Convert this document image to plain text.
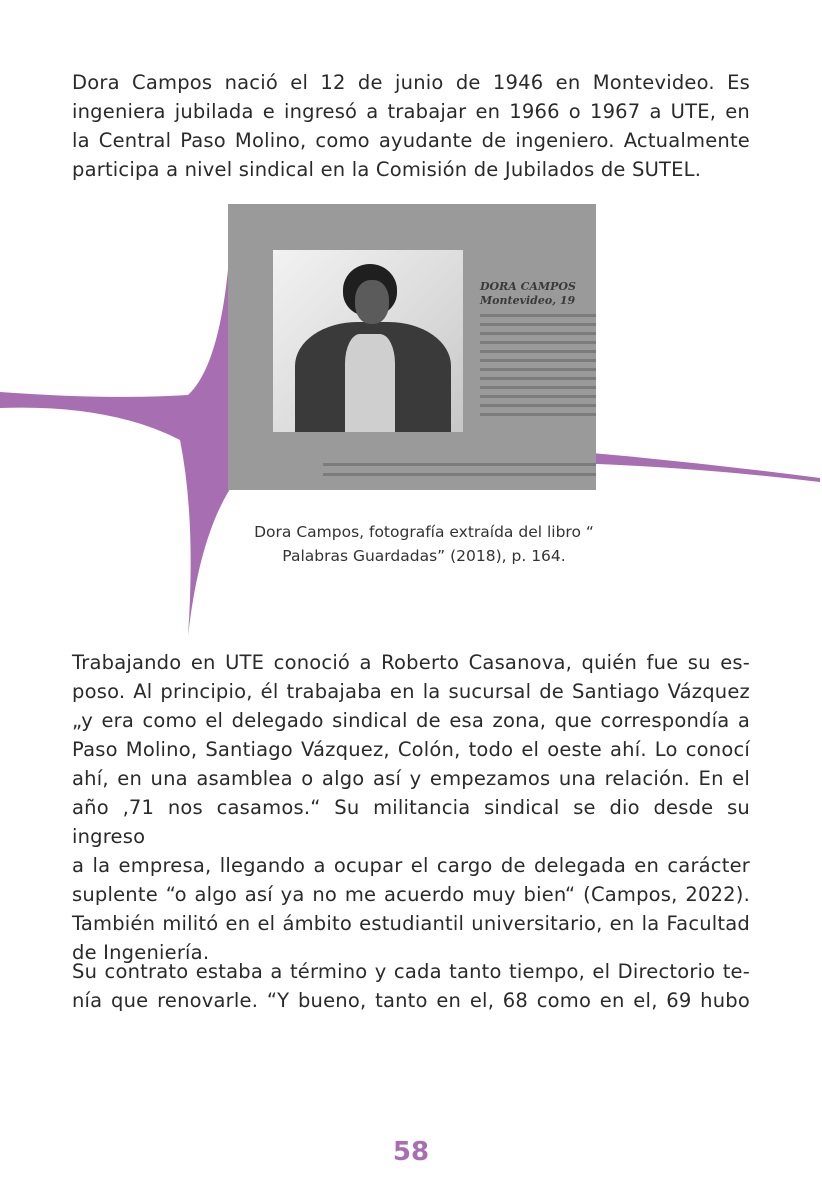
Dora Campos nació el 12 de junio de 1946 en Montevideo. Es
ingeniera jubilada e ingresó a trabajar en 1966 o 1967 a UTE, en
la Central Paso Molino, como ayudante de ingeniero. Actualmente
participa a nivel sindical en la Comisión de Jubilados de SUTEL.
DORA CAMPOS
Montevideo, 19
Dora Campos, fotografía extraída del libro “
Palabras Guardadas” (2018), p. 164.
Trabajando en UTE conoció a Roberto Casanova, quién fue su es-
poso. Al principio, él trabajaba en la sucursal de Santiago Vázquez
„y era como el delegado sindical de esa zona, que correspondía a
Paso Molino, Santiago Vázquez, Colón, todo el oeste ahí. Lo conocí
ahí, en una asamblea o algo así y empezamos una relación. En el
año ‚71 nos casamos.“ Su militancia sindical se dio desde su ingreso
a la empresa, llegando a ocupar el cargo de delegada en carácter
suplente “o algo así ya no me acuerdo muy bien“ (Campos, 2022).
También militó en el ámbito estudiantil universitario, en la Facultad
de Ingeniería.
Su contrato estaba a término y cada tanto tiempo, el Directorio te-
nía que renovarle. “Y bueno, tanto en el‚ 68 como en el‚ 69 hubo
58
